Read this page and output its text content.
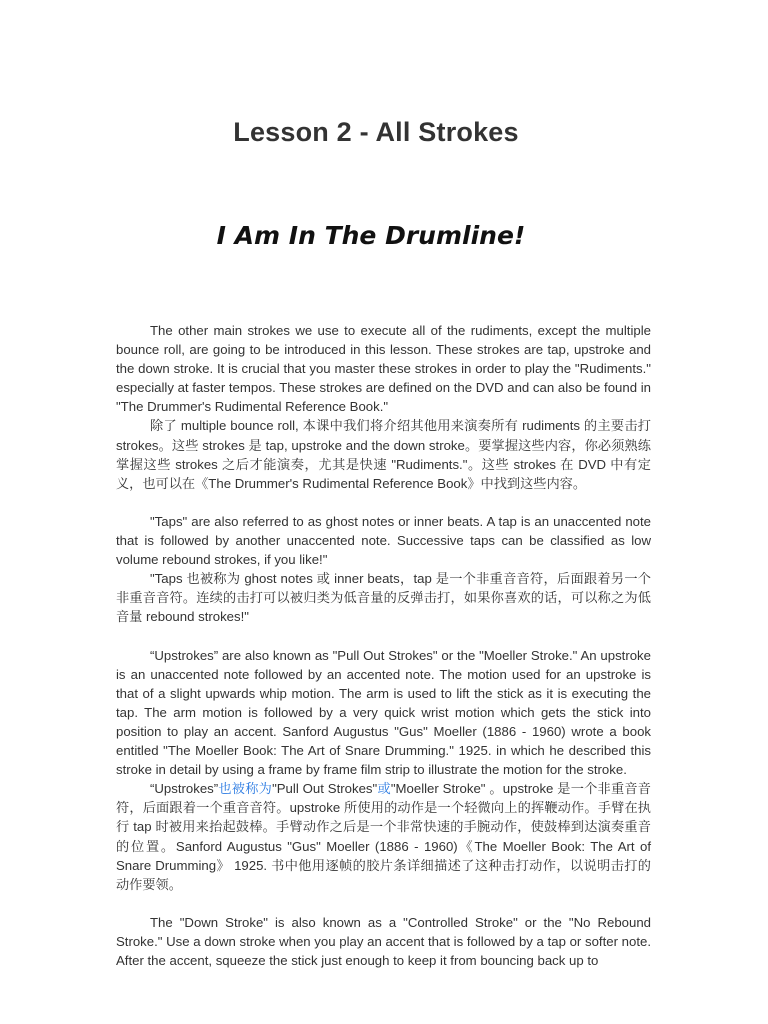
Lesson 2 - All Strokes
I Am In The Drumline!

The other main strokes we use to execute all of the rudiments, except the multiple bounce roll, are going to be introduced in this lesson. These strokes are tap, upstroke and the down stroke. It is crucial that you master these strokes in order to play the "Rudiments." especially at faster tempos. These strokes are defined on the DVD and can also be found in "The Drummer's Rudimental Reference Book."

除了 multiple bounce roll, 本课中我们将介绍其他用来演奏所有 rudiments 的主要击打 strokes。这些 strokes 是 tap, upstroke and the down stroke。要掌握这些内容，你必须熟练掌握这些 strokes 之后才能演奏，尤其是快速 "Rudiments."。这些 strokes 在 DVD 中有定义，也可以在《The Drummer's Rudimental Reference Book》中找到这些内容。

"Taps" are also referred to as ghost notes or inner beats. A tap is an unaccented note that is followed by another unaccented note. Successive taps can be classified as low volume rebound strokes, if you like!"

"Taps 也被称为 ghost notes 或 inner beats，tap 是一个非重音音符，后面跟着另一个非重音音符。连续的击打可以被归类为低音量的反弹击打，如果你喜欢的话，可以称之为低音量 rebound strokes!"

“Upstrokes” are also known as "Pull Out Strokes" or the "Moeller Stroke." An upstroke is an unaccented note followed by an accented note. The motion used for an upstroke is that of a slight upwards whip motion. The arm is used to lift the stick as it is executing the tap. The arm motion is followed by a very quick wrist motion which gets the stick into position to play an accent. Sanford Augustus "Gus" Moeller (1886 - 1960) wrote a book entitled "The Moeller Book: The Art of Snare Drumming." 1925. in which he described this stroke in detail by using a frame by frame film strip to illustrate the motion for the stroke.

“Upstrokes”也被称为"Pull Out Strokes"或"Moeller Stroke" 。upstroke 是一个非重音音符，后面跟着一个重音音符。upstroke 所使用的动作是一个轻微向上的挥鞭动作。手臂在执行 tap 时被用来抬起鼓棒。手臂动作之后是一个非常快速的手腕动作，使鼓棒到达演奏重音的位置。Sanford Augustus "Gus" Moeller (1886 - 1960)《The Moeller Book: The Art of Snare Drumming》 1925. 书中他用逐帧的胶片条详细描述了这种击打动作，以说明击打的动作要领。

The "Down Stroke" is also known as a "Controlled Stroke" or the "No Rebound Stroke." Use a down stroke when you play an accent that is followed by a tap or softer note. After the accent, squeeze the stick just enough to keep it from bouncing back up to
